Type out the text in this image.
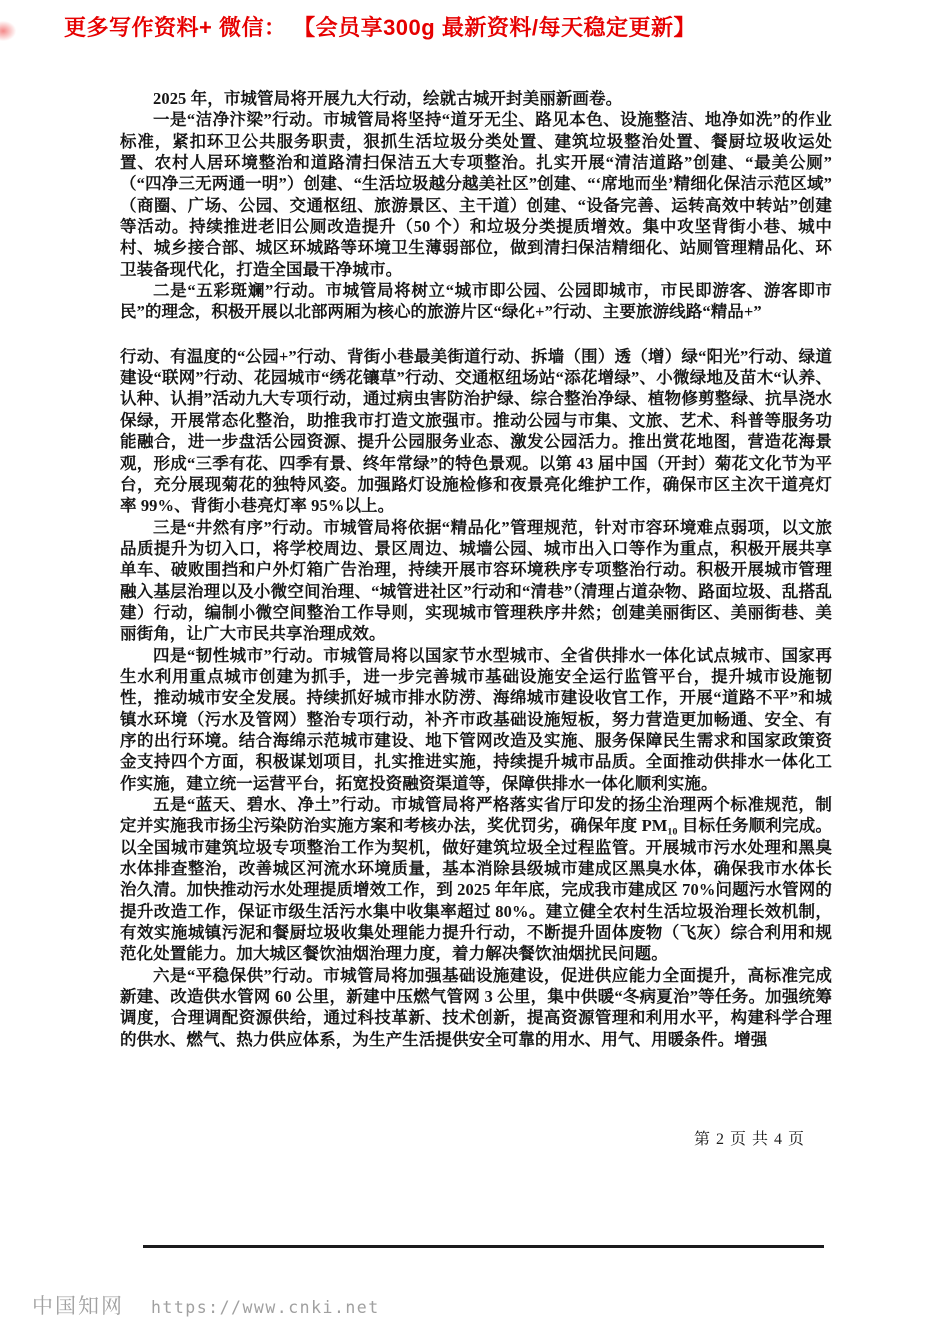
更多写作资料+ 微信： 【会员享300g 最新资料/每天稳定更新】

2025 年，市城管局将开展九大行动，绘就古城开封美丽新画卷。

一是“洁净汴梁”行动。市城管局将坚持“道牙无尘、路见本色、设施整洁、地净如洗”的作业标准，紧扣环卫公共服务职责，狠抓生活垃圾分类处置、建筑垃圾整治处置、餐厨垃圾收运处置、农村人居环境整治和道路清扫保洁五大专项整治。扎实开展“清洁道路”创建、“最美公厕”（“四净三无两通一明”）创建、“生活垃圾越分越美社区”创建、“‘席地而坐’精细化保洁示范区域”（商圈、广场、公园、交通枢纽、旅游景区、主干道）创建、“设备完善、运转高效中转站”创建等活动。持续推进老旧公厕改造提升（50 个）和垃圾分类提质增效。集中攻坚背街小巷、城中村、城乡接合部、城区环城路等环境卫生薄弱部位，做到清扫保洁精细化、站厕管理精品化、环卫装备现代化，打造全国最干净城市。

二是“五彩斑斓”行动。市城管局将树立“城市即公园、公园即城市，市民即游客、游客即市民”的理念，积极开展以北部两厢为核心的旅游片区“绿化+”行动、主要旅游线路“精品+”

行动、有温度的“公园+”行动、背街小巷最美街道行动、拆墙（围）透（增）绿“阳光”行动、绿道建设“联网”行动、花园城市“绣花镶草”行动、交通枢纽场站“添花增绿”、小微绿地及苗木“认养、认种、认捐”活动九大专项行动，通过病虫害防治护绿、综合整治净绿、植物修剪整绿、抗旱浇水保绿，开展常态化整治，助推我市打造文旅强市。推动公园与市集、文旅、艺术、科普等服务功能融合，进一步盘活公园资源、提升公园服务业态、激发公园活力。推出赏花地图，营造花海景观，形成“三季有花、四季有景、终年常绿”的特色景观。以第 43 届中国（开封）菊花文化节为平台，充分展现菊花的独特风姿。加强路灯设施检修和夜景亮化维护工作，确保市区主次干道亮灯率 99%、背街小巷亮灯率 95%以上。

三是“井然有序”行动。市城管局将依据“精品化”管理规范，针对市容环境难点弱项，以文旅品质提升为切入口，将学校周边、景区周边、城墙公园、城市出入口等作为重点，积极开展共享单车、破败围挡和户外灯箱广告治理，持续开展市容环境秩序专项整治行动。积极开展城市管理融入基层治理以及小微空间治理、“城管进社区”行动和“清巷”（清理占道杂物、路面垃圾、乱搭乱建）行动，编制小微空间整治工作导则，实现城市管理秩序井然；创建美丽街区、美丽街巷、美丽街角，让广大市民共享治理成效。

四是“韧性城市”行动。市城管局将以国家节水型城市、全省供排水一体化试点城市、国家再生水利用重点城市创建为抓手，进一步完善城市基础设施安全运行监管平台，提升城市设施韧性，推动城市安全发展。持续抓好城市排水防涝、海绵城市建设收官工作，开展“道路不平”和城镇水环境（污水及管网）整治专项行动，补齐市政基础设施短板，努力营造更加畅通、安全、有序的出行环境。结合海绵示范城市建设、地下管网改造及实施、服务保障民生需求和国家政策资金支持四个方面，积极谋划项目，扎实推进实施，持续提升城市品质。全面推动供排水一体化工作实施，建立统一运营平台，拓宽投资融资渠道等，保障供排水一体化顺利实施。

五是“蓝天、碧水、净土”行动。市城管局将严格落实省厅印发的扬尘治理两个标准规范，制定并实施我市扬尘污染防治实施方案和考核办法，奖优罚劣，确保年度 PM₁₀ 目标任务顺利完成。以全国城市建筑垃圾专项整治工作为契机，做好建筑垃圾全过程监管。开展城市污水处理和黑臭水体排查整治，改善城区河流水环境质量，基本消除县级城市建成区黑臭水体，确保我市水体长治久清。加快推动污水处理提质增效工作，到 2025 年年底，完成我市建成区 70%问题污水管网的提升改造工作，保证市级生活污水集中收集率超过 80%。建立健全农村生活垃圾治理长效机制，有效实施城镇污泥和餐厨垃圾收集处理能力提升行动，不断提升固体废物（飞灰）综合利用和规范化处置能力。加大城区餐饮油烟治理力度，着力解决餐饮油烟扰民问题。

六是“平稳保供”行动。市城管局将加强基础设施建设，促进供应能力全面提升，高标准完成新建、改造供水管网 60 公里，新建中压燃气管网 3 公里，集中供暖“冬病夏治”等任务。加强统筹调度，合理调配资源供给，通过科技革新、技术创新，提高资源管理和利用水平，构建科学合理的供水、燃气、热力供应体系，为生产生活提供安全可靠的用水、用气、用暖条件。增强

第 2 页 共 4 页
中国知网 https://www.cnki.net
